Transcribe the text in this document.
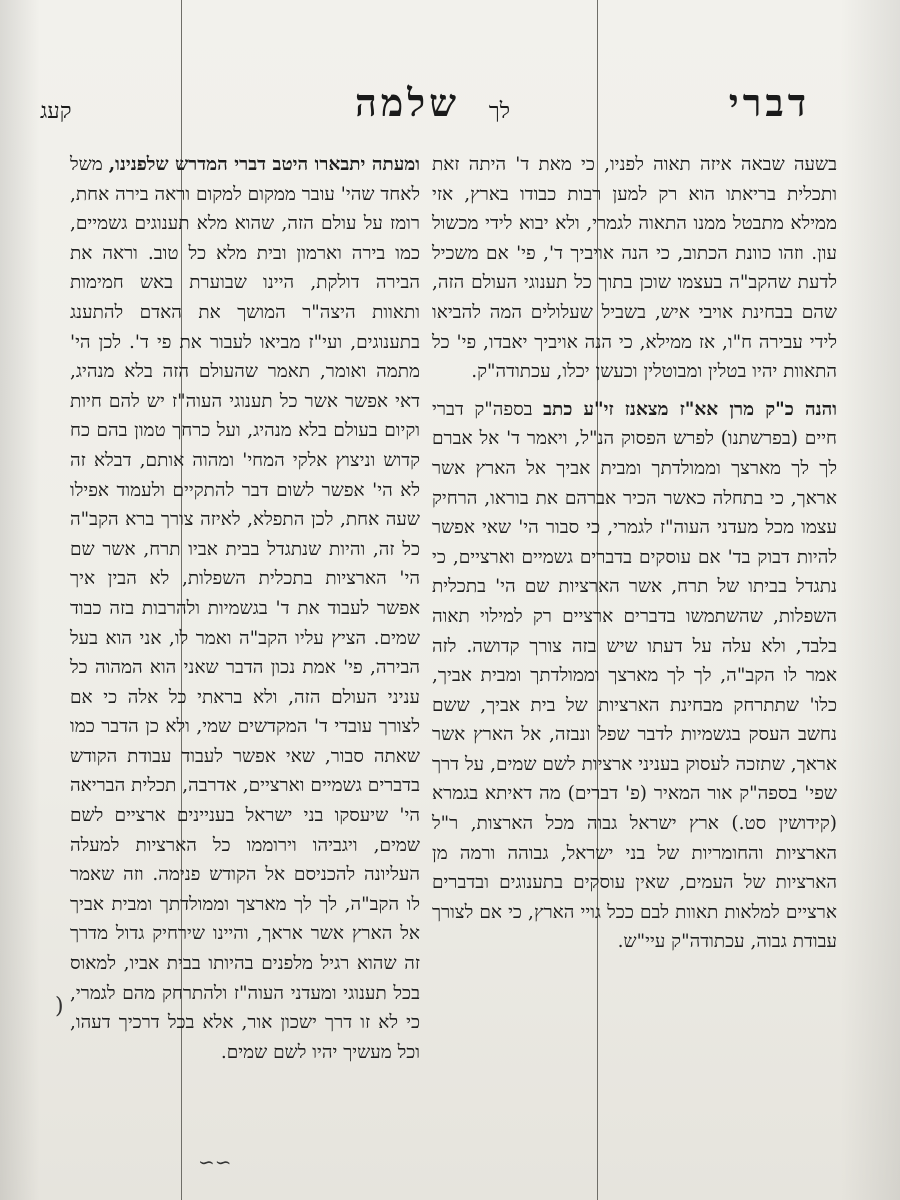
דברי
לך
שלמה
קעג

בשעה שבאה איזה תאוה לפניו, כי מאת ד' היתה זאת ותכלית בריאתו הוא רק למען רבות כבודו בארץ, אזי ממילא מתבטל ממנו התאוה לגמרי, ולא יבוא לידי מכשול עון. וזהו כוונת הכתוב, כי הנה אויביך ד', פי' אם משכיל לדעת שהקב"ה בעצמו שוכן בתוך כל תענוגי העולם הזה, שהם בבחינת אויבי איש, בשביל שעלולים המה להביאו לידי עבירה ח"ו, אז ממילא, כי הנה אויביך יאבדו, פי' כל התאוות יהיו בטלין ומבוטלין וכעשן יכלו, עכתודה"ק.

והנה כ"ק מרן אא"ז מצאנז זי"ע כתב בספה"ק דברי חיים (בפרשתנו) לפרש הפסוק הנ"ל, ויאמר ד' אל אברם לך לך מארצך וממולדתך ומבית אביך אל הארץ אשר אראך, כי בתחלה כאשר הכיר אברהם את בוראו, הרחיק עצמו מכל מעדני העוה"ז לגמרי, כי סבור הי' שאי אפשר להיות דבוק בד' אם עוסקים בדברים גשמיים וארציים, כי נתגדל בביתו של תרח, אשר הארציות שם הי' בתכלית השפלות, שהשתמשו בדברים ארציים רק למילוי תאוה בלבד, ולא עלה על דעתו שיש בזה צורך קדושה. לזה אמר לו הקב"ה, לך לך מארצך וממולדתך ומבית אביך, כלו' שתתרחק מבחינת הארציות של בית אביך, ששם נחשב העסק בגשמיות לדבר שפל ונבזה, אל הארץ אשר אראך, שתזכה לעסוק בעניני ארציות לשם שמים, על דרך שפי' בספה"ק אור המאיר (פ' דברים) מה דאיתא בגמרא (קידושין סט.) ארץ ישראל גבוה מכל הארצות, ר"ל הארציות והחומריות של בני ישראל, גבוהה ורמה מן הארציות של העמים, שאין עוסקים בתענוגים ובדברים ארציים למלאות תאוות לבם ככל גויי הארץ, כי אם לצורך עבודת גבוה, עכתודה"ק עיי"ש.

ומעתה יתבארו היטב דברי המדרש שלפנינו, משל לאחד שהי' עובר ממקום למקום וראה בירה אחת, רומז על עולם הזה, שהוא מלא תענוגים גשמיים, כמו בירה וארמון ובית מלא כל טוב. וראה את הבירה דולקת, היינו שבוערת באש חמימות ותאוות היצה"ר המושך את האדם להתענג בתענוגים, ועי"ז מביאו לעבור את פי ד'. לכן הי' מתמה ואומר, תאמר שהעולם הזה בלא מנהיג, דאי אפשר אשר כל תענוגי העוה"ז יש להם חיות וקיום בעולם בלא מנהיג, ועל כרחך טמון בהם כח קדוש וניצוץ אלקי המחי' ומהוה אותם, דבלא זה לא הי' אפשר לשום דבר להתקיים ולעמוד אפילו שעה אחת, לכן התפלא, לאיזה צורך ברא הקב"ה כל זה, והיות שנתגדל בבית אביו תרח, אשר שם הי' הארציות בתכלית השפלות, לא הבין איך אפשר לעבוד את ד' בגשמיות ולהרבות בזה כבוד שמים. הציץ עליו הקב"ה ואמר לו, אני הוא בעל הבירה, פי' אמת נכון הדבר שאני הוא המהוה כל עניני העולם הזה, ולא בראתי כל אלה כי אם לצורך עובדי ד' המקדשים שמי, ולא כן הדבר כמו שאתה סבור, שאי אפשר לעבוד עבודת הקודש בדברים גשמיים וארציים, אדרבה, תכלית הבריאה הי' שיעסקו בני ישראל בעניינים ארציים לשם שמים, ויגביהו וירוממו כל הארציות למעלה העליונה להכניסם אל הקודש פנימה. וזה שאמר לו הקב"ה, לך לך מארצך וממולדתך ומבית אביך אל הארץ אשר אראך, והיינו שירחיק גדול מדרך זה שהוא רגיל מלפנים בהיותו בבית אביו, למאוס בכל תענוגי ומעדני העוה"ז ולהתרחק מהם לגמרי, כי לא זו דרך ישכון אור, אלא בכל דרכיך דעהו, וכל מעשיך יהיו לשם שמים.

)
∽∽
